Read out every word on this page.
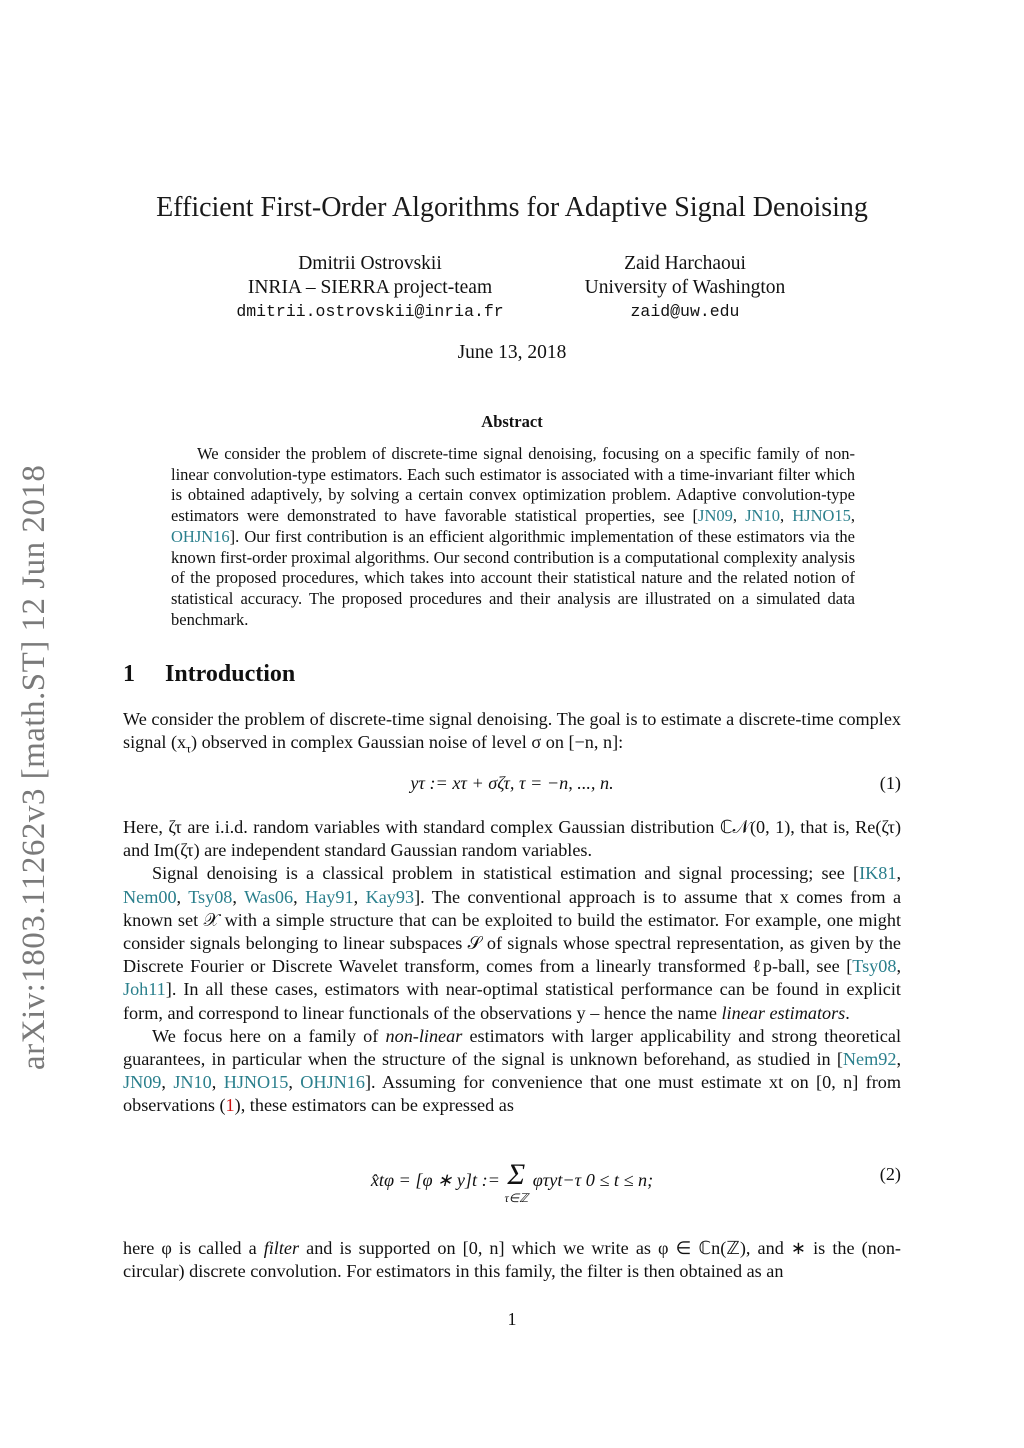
arXiv:1803.11262v3 [math.ST] 12 Jun 2018
Efficient First-Order Algorithms for Adaptive Signal Denoising
Dmitrii Ostrovskii
INRIA – SIERRA project-team
dmitrii.ostrovskii@inria.fr
Zaid Harchaoui
University of Washington
zaid@uw.edu
June 13, 2018
Abstract
We consider the problem of discrete-time signal denoising, focusing on a specific family of non-linear convolution-type estimators. Each such estimator is associated with a time-invariant filter which is obtained adaptively, by solving a certain convex optimization problem. Adaptive convolution-type estimators were demonstrated to have favorable statistical properties, see [JN09, JN10, HJNO15, OHJN16]. Our first contribution is an efficient algorithmic implementation of these estimators via the known first-order proximal algorithms. Our second contribution is a computational complexity analysis of the proposed procedures, which takes into account their statistical nature and the related notion of statistical accuracy. The proposed procedures and their analysis are illustrated on a simulated data benchmark.
1 Introduction

We consider the problem of discrete-time signal denoising. The goal is to estimate a discrete-time complex signal $(x_\tau)$ observed in complex Gaussian noise of level σ on [−n, n]:

yτ := xτ + σζτ, τ = −n, ..., n.	(1)

Here, ζτ are i.i.d. random variables with standard complex Gaussian distribution ℂ𝒩(0, 1), that is, Re(ζτ) and Im(ζτ) are independent standard Gaussian random variables.

Signal denoising is a classical problem in statistical estimation and signal processing; see [IK81, Nem00, Tsy08, Was06, Hay91, Kay93]. The conventional approach is to assume that x comes from a known set 𝒳 with a simple structure that can be exploited to build the estimator. For example, one might consider signals belonging to linear subspaces 𝒮 of signals whose spectral representation, as given by the Discrete Fourier or Discrete Wavelet transform, comes from a linearly transformed ℓp-ball, see [Tsy08, Joh11]. In all these cases, estimators with near-optimal statistical performance can be found in explicit form, and correspond to linear functionals of the observations y – hence the name linear estimators.

We focus here on a family of non-linear estimators with larger applicability and strong theoretical guarantees, in particular when the structure of the signal is unknown beforehand, as studied in [Nem92, JN09, JN10, HJNO15, OHJN16]. Assuming for convenience that one must estimate xt on [0, n] from observations (1), these estimators can be expressed as

x̂tφ = [φ ∗ y]t := Σ
τ∈ℤ
φτyt−τ 0 ≤ t ≤ n;	(2)

here φ is called a filter and is supported on [0, n] which we write as φ ∈ ℂn(ℤ), and ∗ is the (non-circular) discrete convolution. For estimators in this family, the filter is then obtained as an

1
